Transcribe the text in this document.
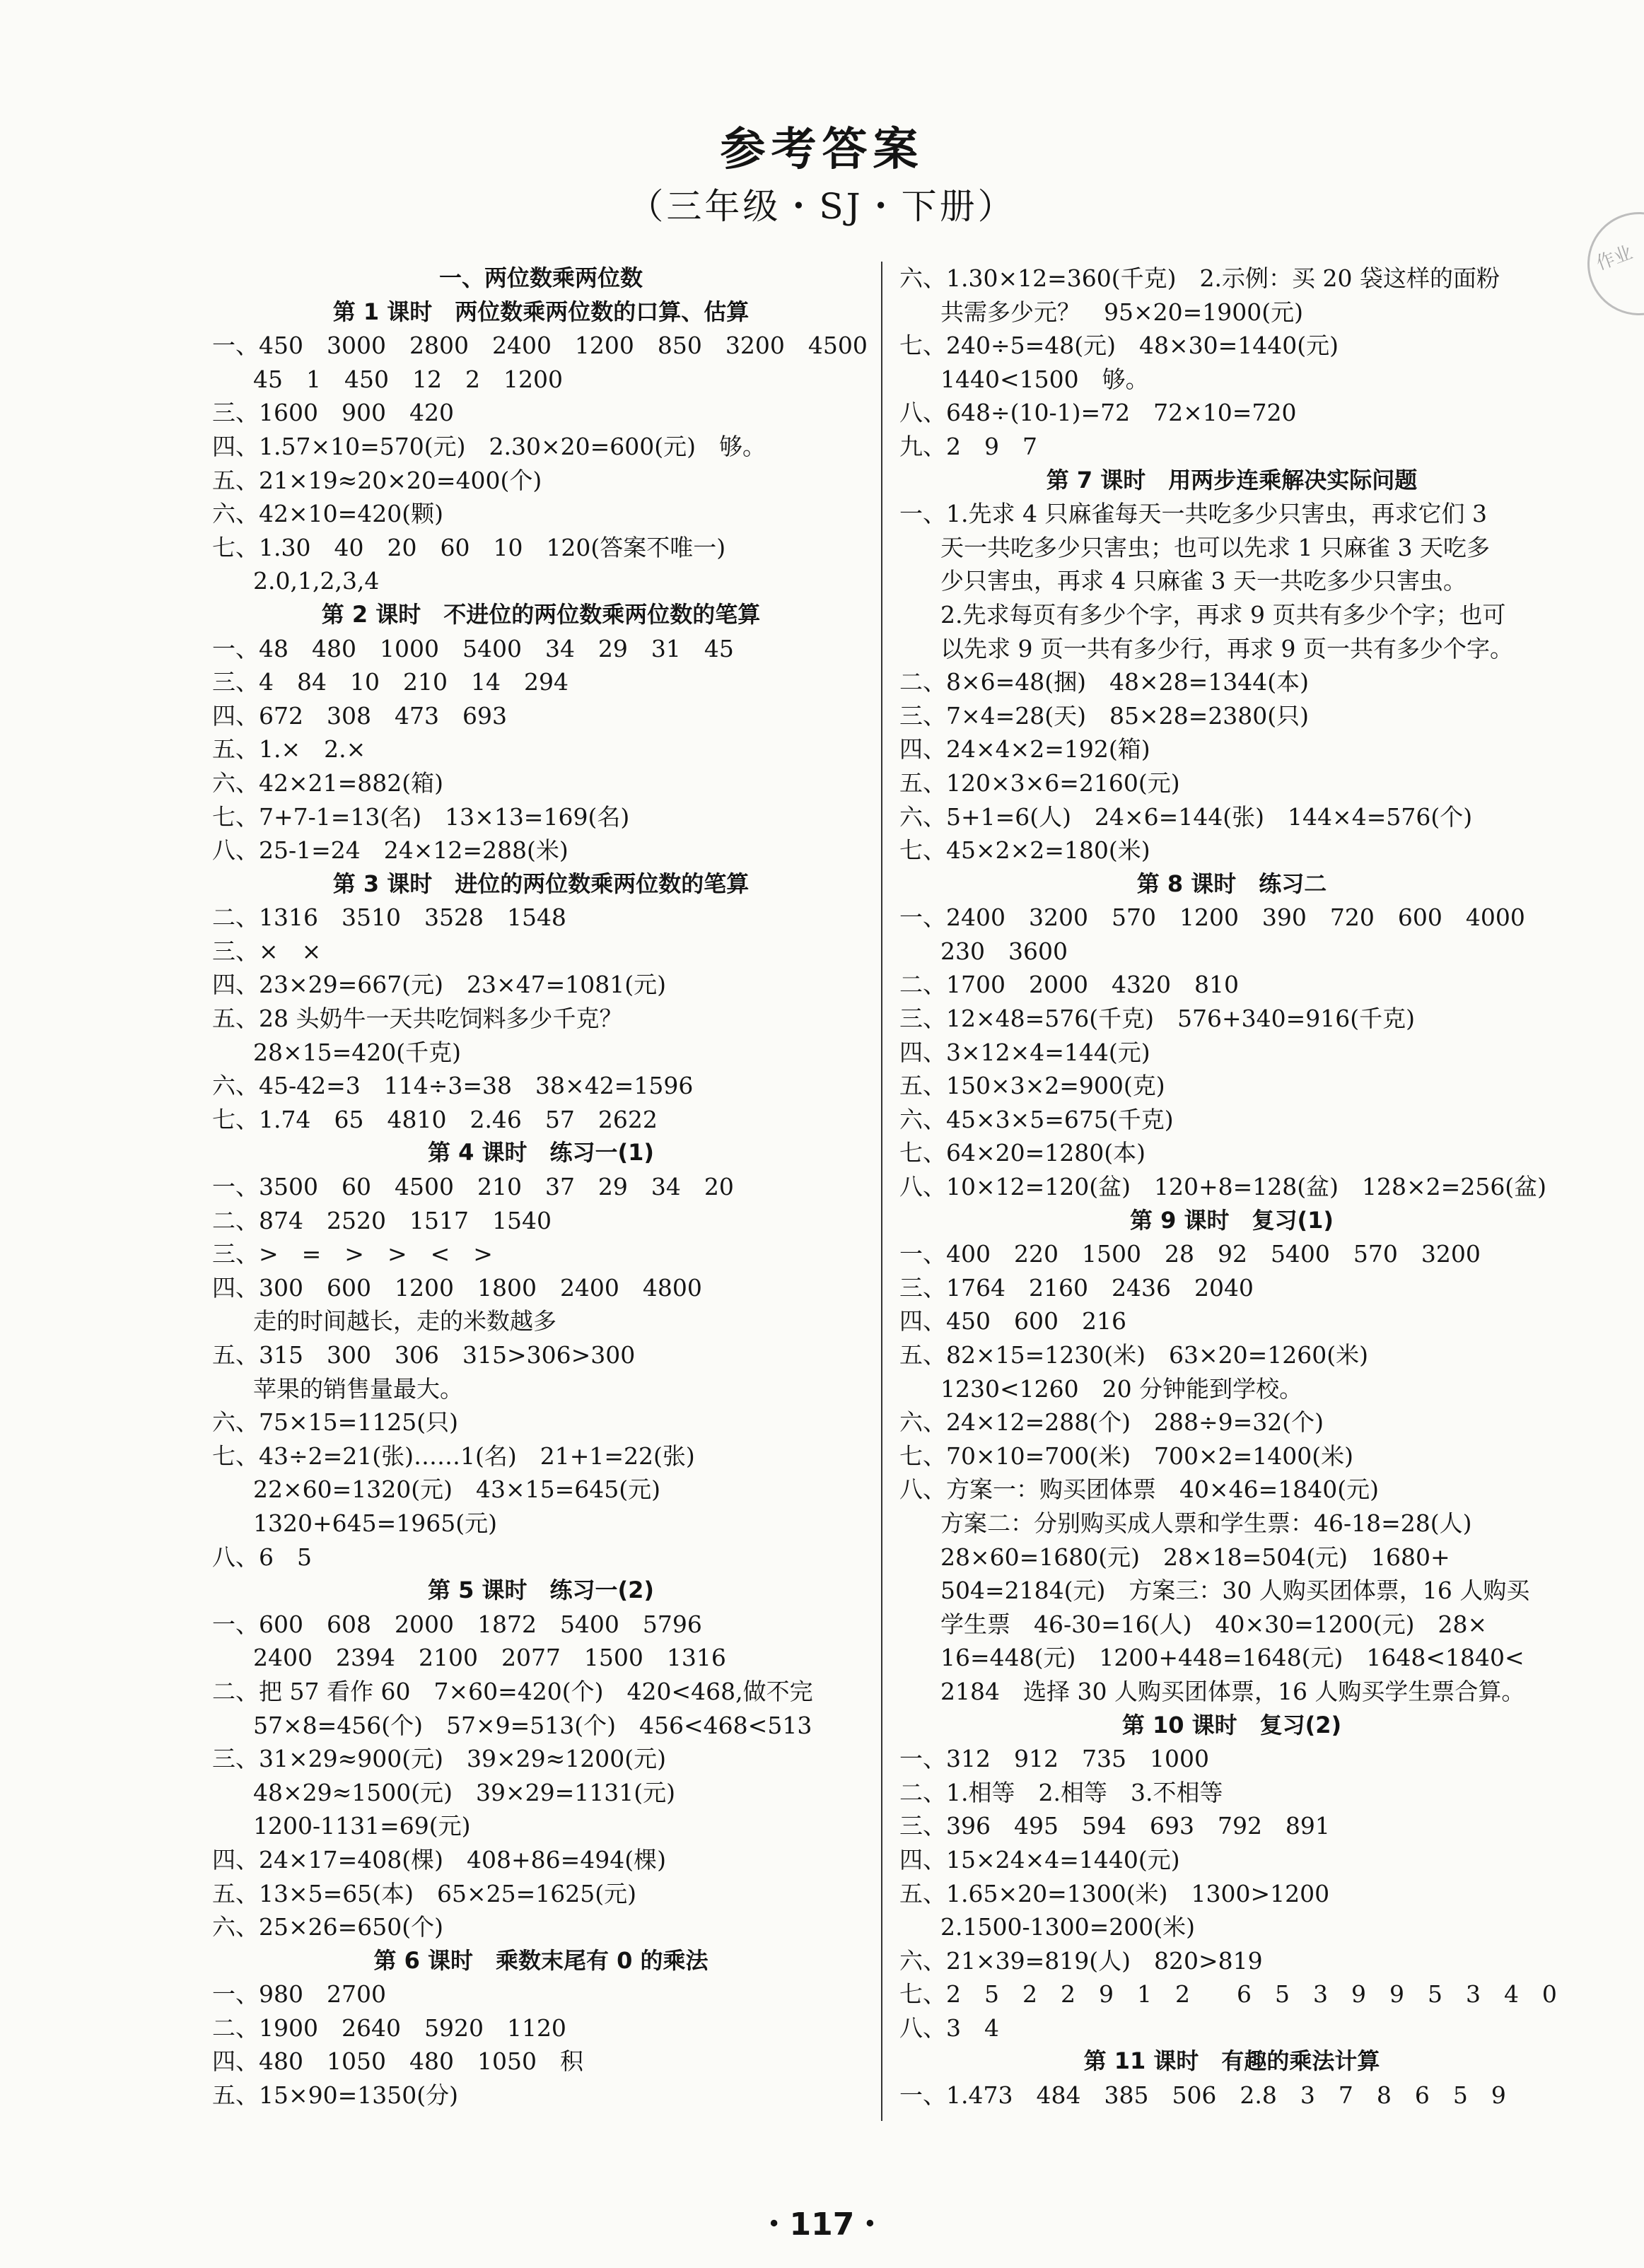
参考答案
（三年级・SJ・下册）
一、两位数乘两位数
第 1 课时　两位数乘两位数的口算、估算
一、450　3000　2800　2400　1200　850　3200　4500
45　1　450　12　2　1200
三、1600　900　420
四、1.57×10=570(元)　2.30×20=600(元)　够。
五、21×19≈20×20=400(个)
六、42×10=420(颗)
七、1.30　40　20　60　10　120(答案不唯一)
2.0,1,2,3,4
第 2 课时　不进位的两位数乘两位数的笔算
一、48　480　1000　5400　34　29　31　45
三、4　84　10　210　14　294
四、672　308　473　693
五、1.×　2.×
六、42×21=882(箱)
七、7+7-1=13(名)　13×13=169(名)
八、25-1=24　24×12=288(米)
第 3 课时　进位的两位数乘两位数的笔算
二、1316　3510　3528　1548
三、×　×
四、23×29=667(元)　23×47=1081(元)
五、28 头奶牛一天共吃饲料多少千克？
28×15=420(千克)
六、45-42=3　114÷3=38　38×42=1596
七、1.74　65　4810　2.46　57　2622
第 4 课时　练习一(1)
一、3500　60　4500　210　37　29　34　20
二、874　2520　1517　1540
三、>　=　>　>　<　>
四、300　600　1200　1800　2400　4800
走的时间越长，走的米数越多
五、315　300　306　315>306>300
苹果的销售量最大。
六、75×15=1125(只)
七、43÷2=21(张)……1(名)　21+1=22(张)
22×60=1320(元)　43×15=645(元)
1320+645=1965(元)
八、6　5
第 5 课时　练习一(2)
一、600　608　2000　1872　5400　5796
2400　2394　2100　2077　1500　1316
二、把 57 看作 60　7×60=420(个)　420<468,做不完
57×8=456(个)　57×9=513(个)　456<468<513
三、31×29≈900(元)　39×29≈1200(元)
48×29≈1500(元)　39×29=1131(元)
1200-1131=69(元)
四、24×17=408(棵)　408+86=494(棵)
五、13×5=65(本)　65×25=1625(元)
六、25×26=650(个)
第 6 课时　乘数末尾有 0 的乘法
一、980　2700
二、1900　2640　5920　1120
四、480　1050　480　1050　积
五、15×90=1350(分)
六、1.30×12=360(千克)　2.示例：买 20 袋这样的面粉
共需多少元？　95×20=1900(元)
七、240÷5=48(元)　48×30=1440(元)
1440<1500　够。
八、648÷(10-1)=72　72×10=720
九、2　9　7
第 7 课时　用两步连乘解决实际问题
一、1.先求 4 只麻雀每天一共吃多少只害虫，再求它们 3
天一共吃多少只害虫；也可以先求 1 只麻雀 3 天吃多
少只害虫，再求 4 只麻雀 3 天一共吃多少只害虫。
2.先求每页有多少个字，再求 9 页共有多少个字；也可
以先求 9 页一共有多少行，再求 9 页一共有多少个字。
二、8×6=48(捆)　48×28=1344(本)
三、7×4=28(天)　85×28=2380(只)
四、24×4×2=192(箱)
五、120×3×6=2160(元)
六、5+1=6(人)　24×6=144(张)　144×4=576(个)
七、45×2×2=180(米)
第 8 课时　练习二
一、2400　3200　570　1200　390　720　600　4000
230　3600
二、1700　2000　4320　810
三、12×48=576(千克)　576+340=916(千克)
四、3×12×4=144(元)
五、150×3×2=900(克)
六、45×3×5=675(千克)
七、64×20=1280(本)
八、10×12=120(盆)　120+8=128(盆)　128×2=256(盆)
第 9 课时　复习(1)
一、400　220　1500　28　92　5400　570　3200
三、1764　2160　2436　2040
四、450　600　216
五、82×15=1230(米)　63×20=1260(米)
1230<1260　20 分钟能到学校。
六、24×12=288(个)　288÷9=32(个)
七、70×10=700(米)　700×2=1400(米)
八、方案一：购买团体票　40×46=1840(元)
方案二：分别购买成人票和学生票：46-18=28(人)
28×60=1680(元)　28×18=504(元)　1680+
504=2184(元)　方案三：30 人购买团体票，16 人购买
学生票　46-30=16(人)　40×30=1200(元)　28×
16=448(元)　1200+448=1648(元)　1648<1840<
2184　选择 30 人购买团体票，16 人购买学生票合算。
第 10 课时　复习(2)
一、312　912　735　1000
二、1.相等　2.相等　3.不相等
三、396　495　594　693　792　891
四、15×24×4=1440(元)
五、1.65×20=1300(米)　1300>1200
2.1500-1300=200(米)
六、21×39=819(人)　820>819
七、2　5　2　2　9　1　2　　6　5　3　9　9　5　3　4　0
八、3　4
第 11 课时　有趣的乘法计算
一、1.473　484　385　506　2.8　3　7　8　6　5　9
・117・
作业
